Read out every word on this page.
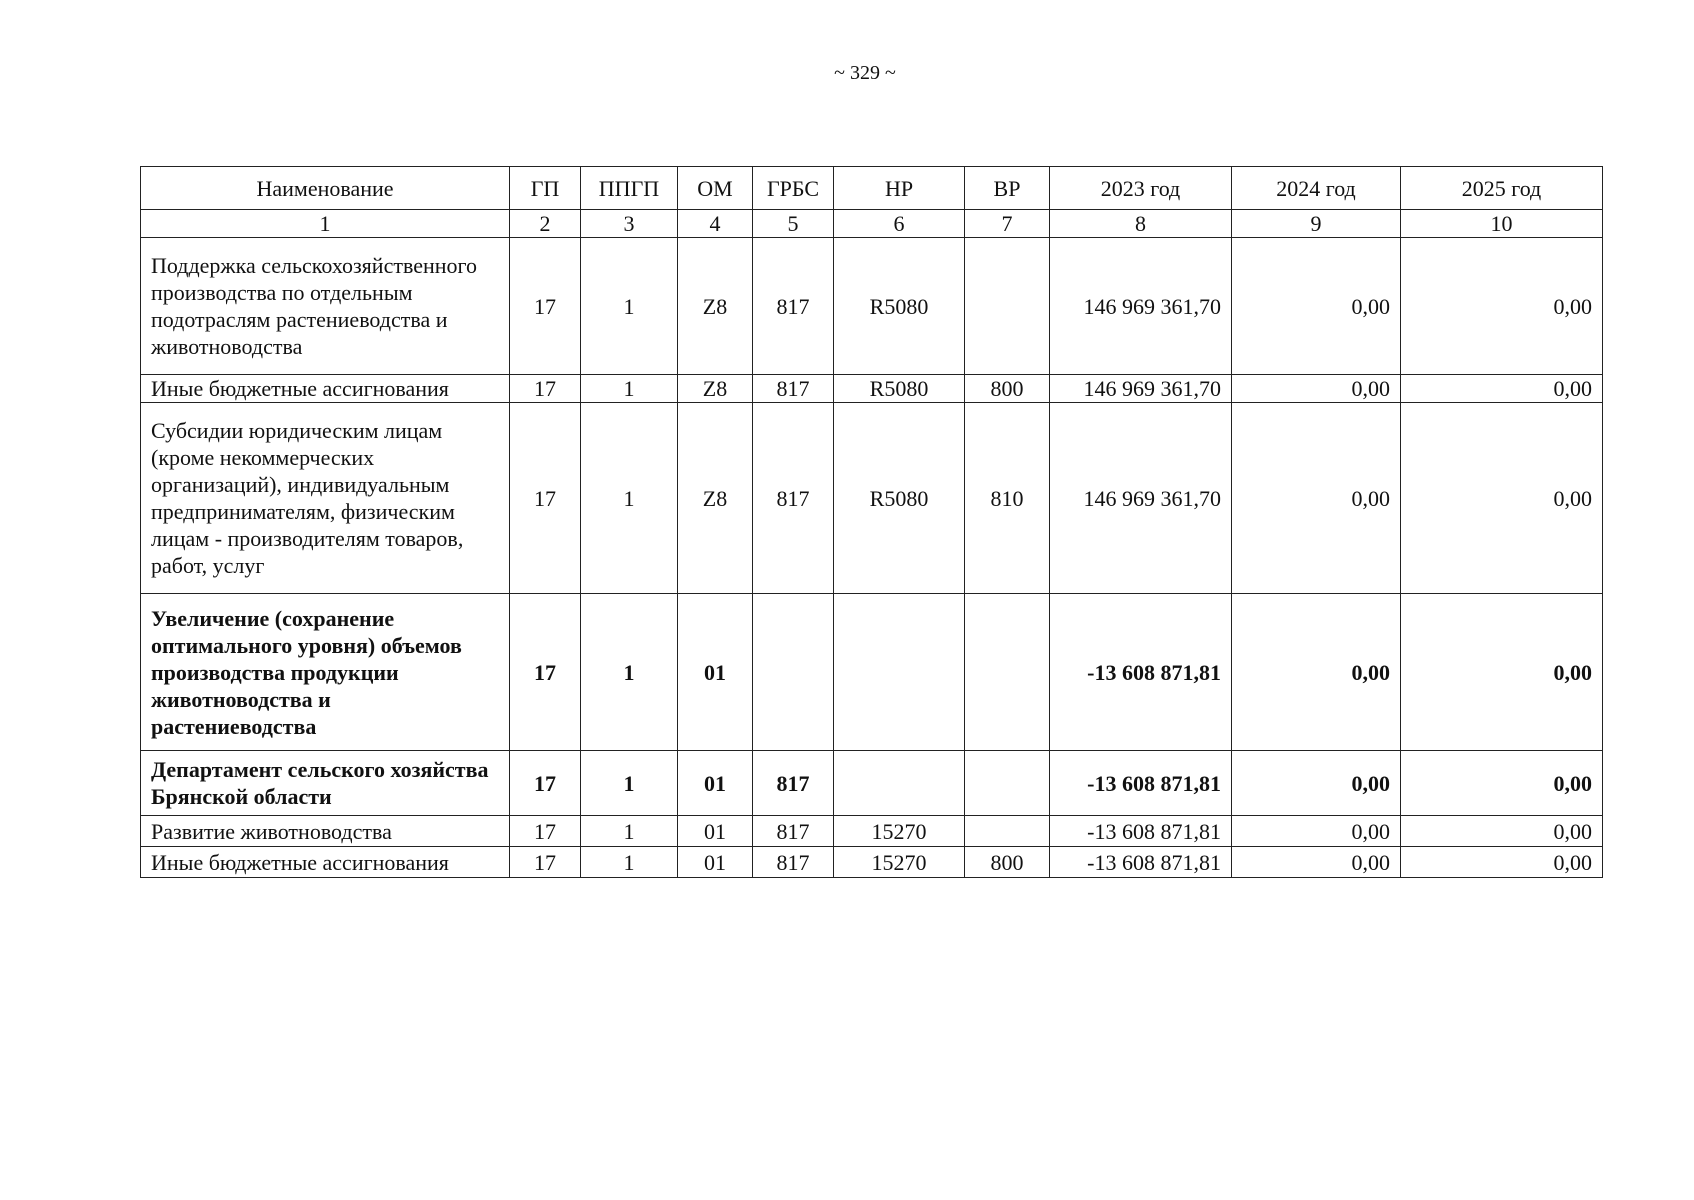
~ 329 ~
Наименование	ГП	ППГП	ОМ	ГРБС	НР	ВР	2023 год	2024 год	2025 год
1	2	3	4	5	6	7	8	9	10
Поддержка сельскохозяйственного производства по отдельным подотраслям растениеводства и животноводства	17	1	Z8	817	R5080		146 969 361,70	0,00	0,00
Иные бюджетные ассигнования	17	1	Z8	817	R5080	800	146 969 361,70	0,00	0,00
Субсидии юридическим лицам (кроме некоммерческих организаций), индивидуальным предпринимателям, физическим лицам - производителям товаров, работ, услуг	17	1	Z8	817	R5080	810	146 969 361,70	0,00	0,00
Увеличение (сохранение оптимального уровня) объемов производства продукции животноводства и растениеводства	17	1	01				-13 608 871,81	0,00	0,00
Департамент сельского хозяйства Брянской области	17	1	01	817			-13 608 871,81	0,00	0,00
Развитие животноводства	17	1	01	817	15270		-13 608 871,81	0,00	0,00
Иные бюджетные ассигнования	17	1	01	817	15270	800	-13 608 871,81	0,00	0,00
